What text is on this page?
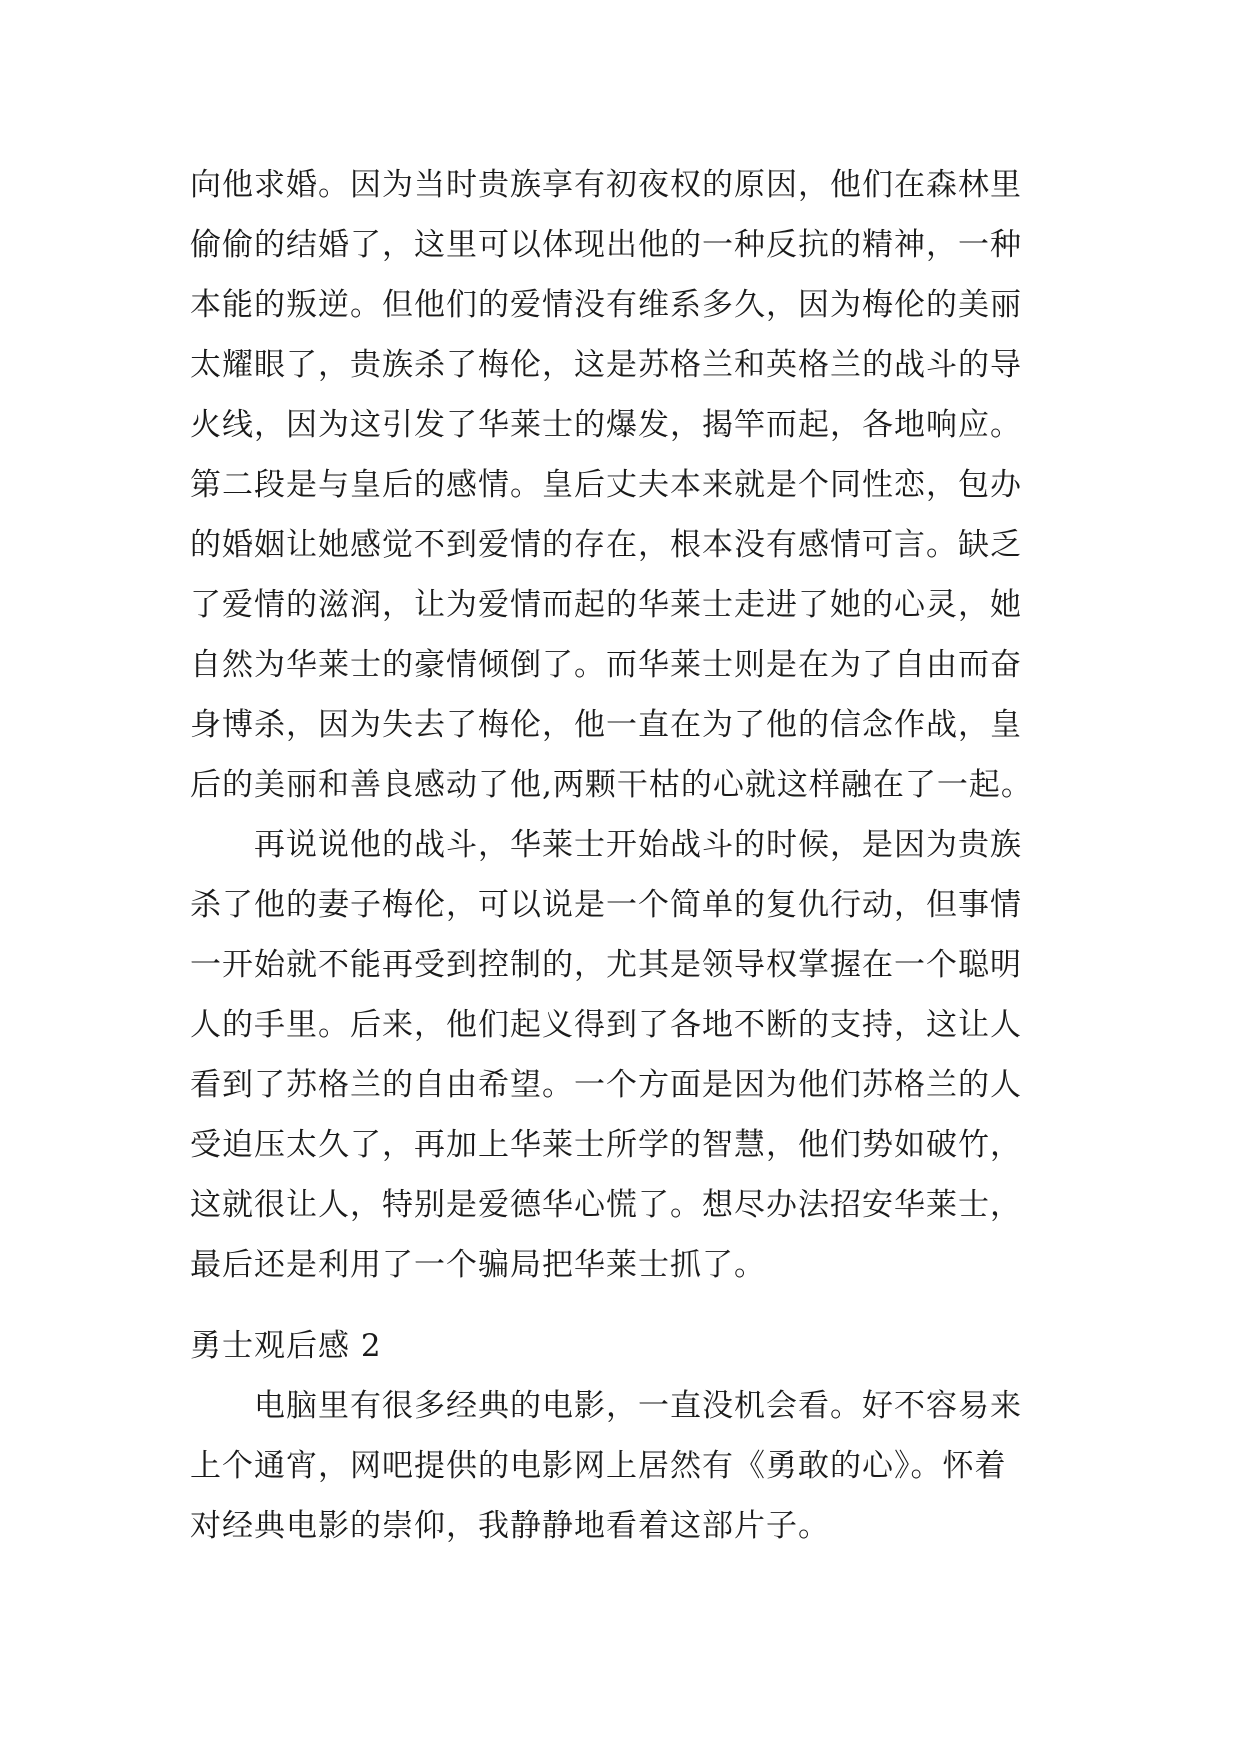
向他求婚。因为当时贵族享有初夜权的原因，他们在森林里
偷偷的结婚了，这里可以体现出他的一种反抗的精神，一种
本能的叛逆。但他们的爱情没有维系多久，因为梅伦的美丽
太耀眼了，贵族杀了梅伦，这是苏格兰和英格兰的战斗的导
火线，因为这引发了华莱士的爆发，揭竿而起，各地响应。
第二段是与皇后的感情。皇后丈夫本来就是个同性恋，包办
的婚姻让她感觉不到爱情的存在，根本没有感情可言。缺乏
了爱情的滋润，让为爱情而起的华莱士走进了她的心灵，她
自然为华莱士的豪情倾倒了。而华莱士则是在为了自由而奋
身博杀，因为失去了梅伦，他一直在为了他的信念作战，皇
后的美丽和善良感动了他,两颗干枯的心就这样融在了一起。
再说说他的战斗，华莱士开始战斗的时候，是因为贵族
杀了他的妻子梅伦，可以说是一个简单的复仇行动，但事情
一开始就不能再受到控制的，尤其是领导权掌握在一个聪明
人的手里。后来，他们起义得到了各地不断的支持，这让人
看到了苏格兰的自由希望。一个方面是因为他们苏格兰的人
受迫压太久了，再加上华莱士所学的智慧，他们势如破竹，
这就很让人，特别是爱德华心慌了。想尽办法招安华莱士，
最后还是利用了一个骗局把华莱士抓了。
勇士观后感 2
电脑里有很多经典的电影，一直没机会看。好不容易来
上个通宵，网吧提供的电影网上居然有《勇敢的心》。怀着
对经典电影的崇仰，我静静地看着这部片子。
